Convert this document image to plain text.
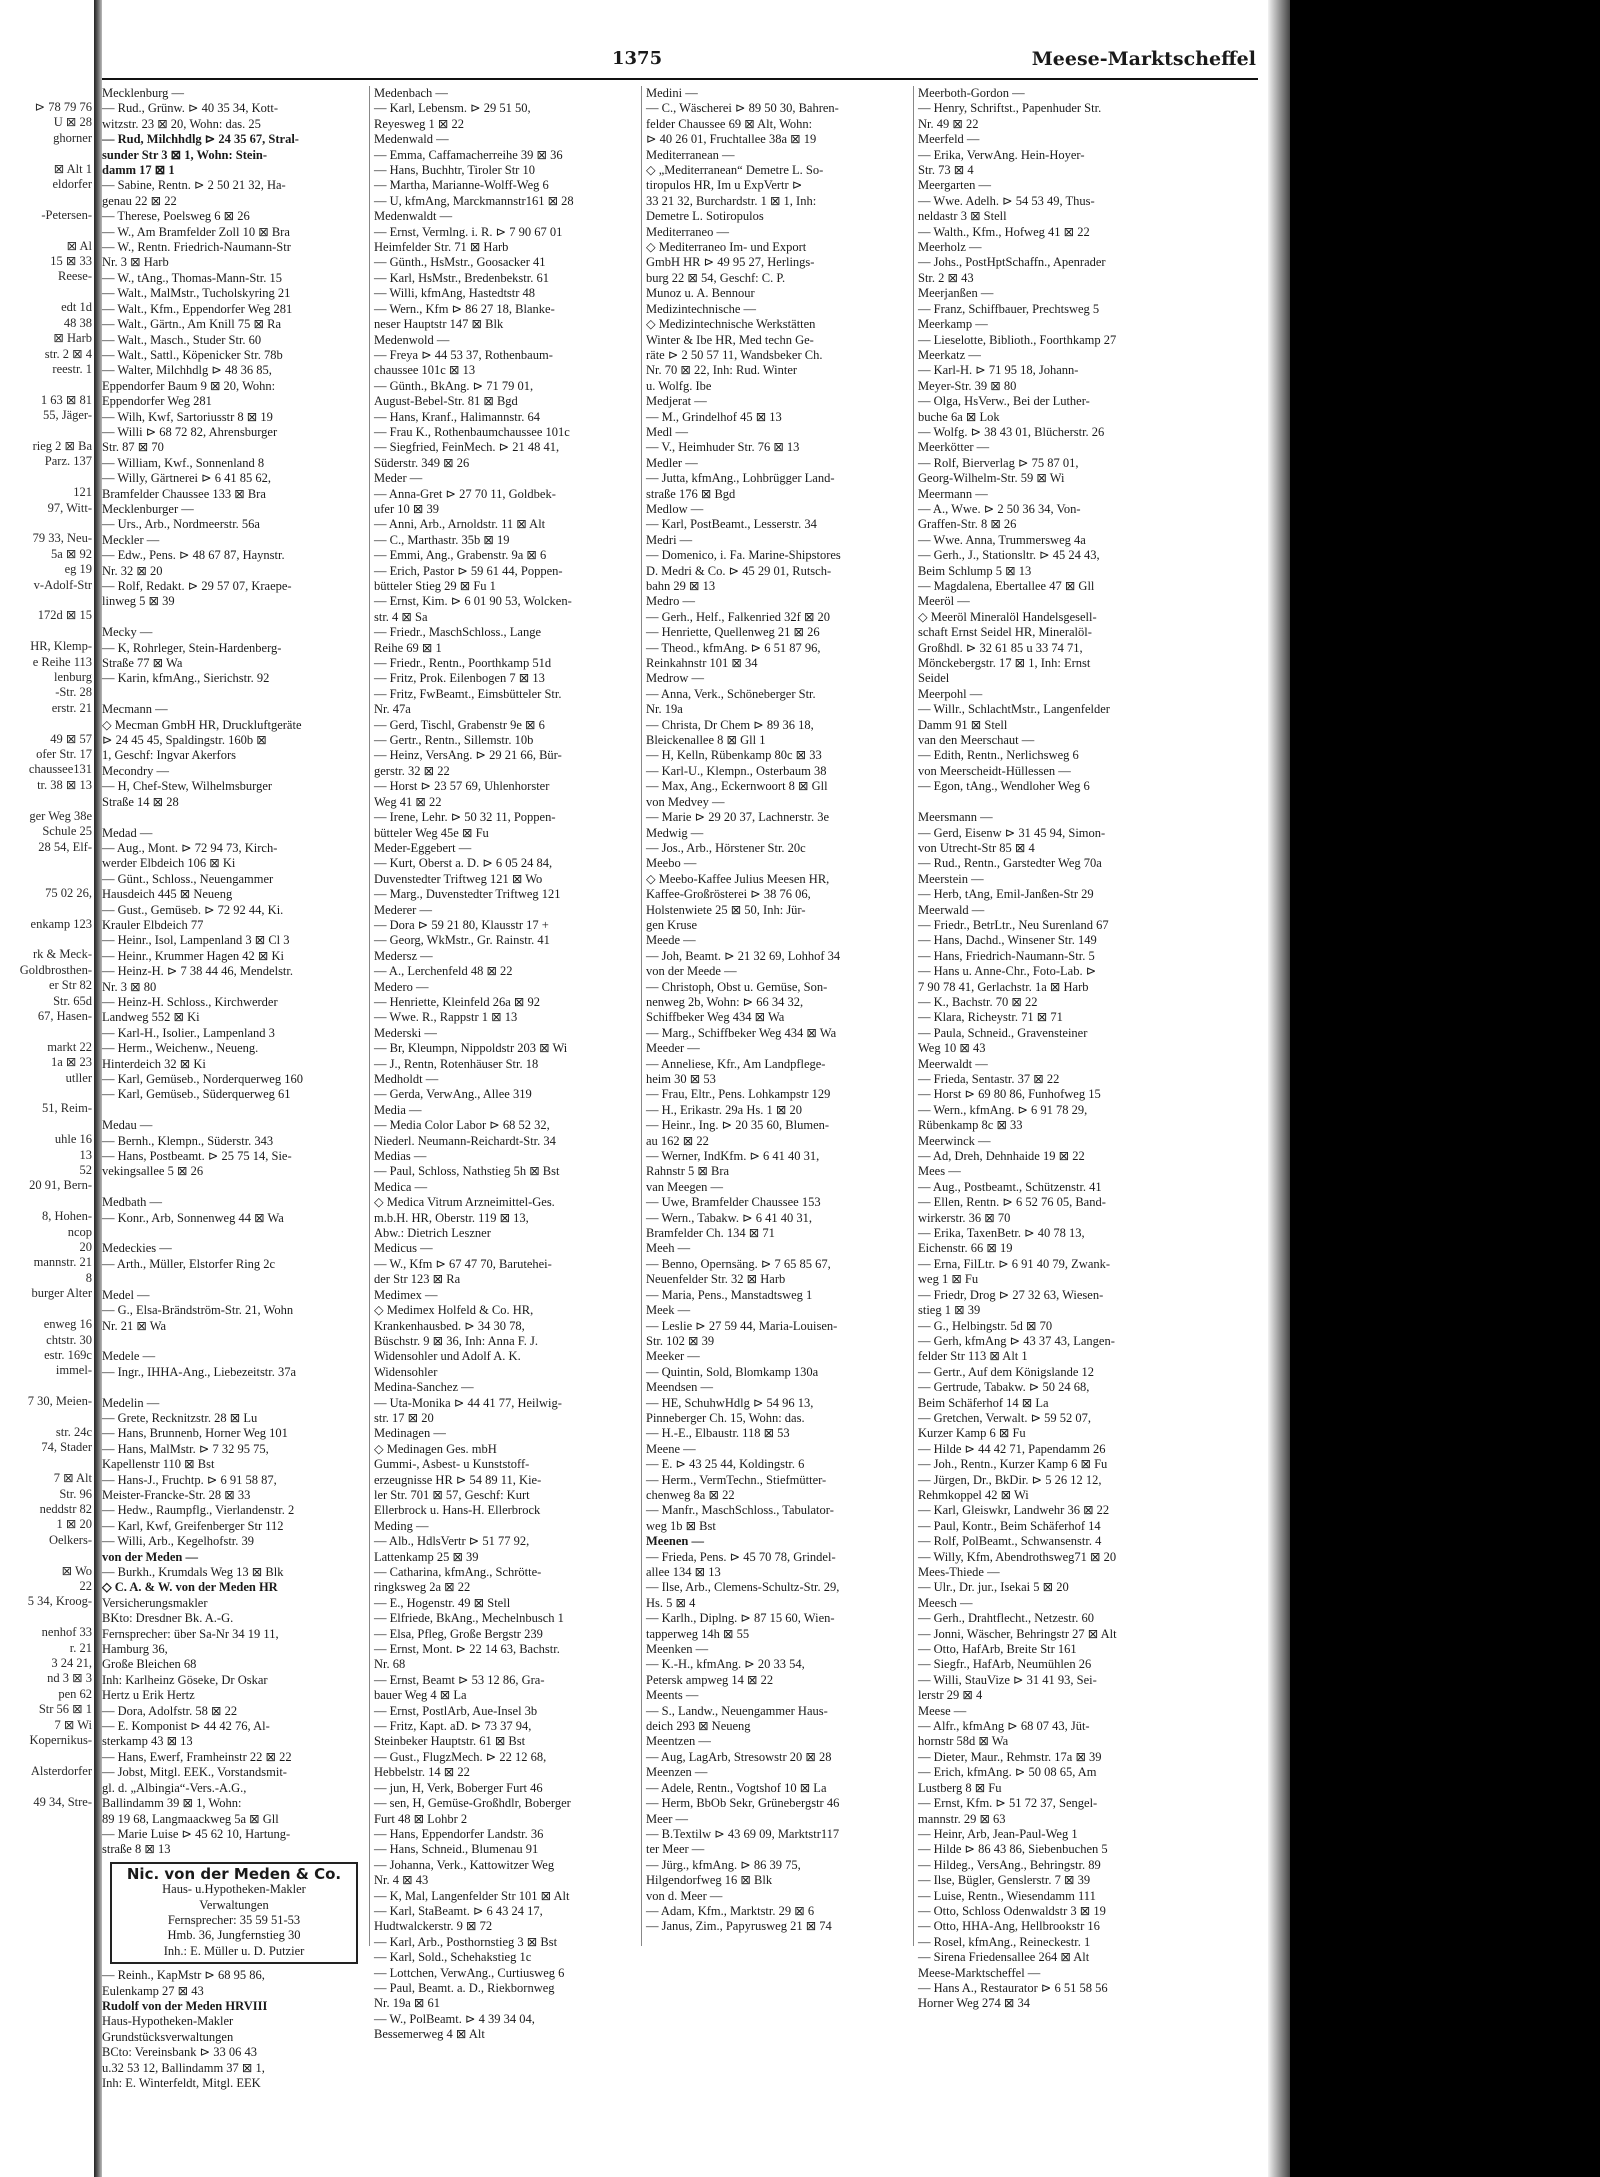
⊳ 78 79 76
U ⊠ 28
ghorner

⊠ Alt 1
eldorfer

-Petersen-

⊠ Al
15 ⊠ 33
Reese-

edt 1d
48 38
⊠ Harb
str. 2 ⊠ 4
reestr. 1

1 63 ⊠ 81
55, Jäger-

rieg 2 ⊠ Ba
Parz. 137

121
97, Witt-

79 33, Neu-
5a ⊠ 92
eg 19
v-Adolf-Str

172d ⊠ 15

HR, Klemp-
e Reihe 113
lenburg
-Str. 28
erstr. 21

49 ⊠ 57
ofer Str. 17
chaussee131
tr. 38 ⊠ 13

ger Weg 38e
Schule 25
28 54, Elf-

75 02 26,

enkamp 123

rk & Meck-
Goldbrosthen-
er Str 82
Str. 65d
67, Hasen-

markt 22
1a ⊠ 23
utller

51, Reim-

uhle 16
13
52
20 91, Bern-

8, Hohen-
ncop
20
mannstr. 21
8
burger Alter

enweg 16
chtstr. 30
estr. 169c
immel-

7 30, Meien-

str. 24c
74, Stader

7 ⊠ Alt
Str. 96
neddstr 82
1 ⊠ 20
Oelkers-

⊠ Wo
22
5 34, Kroog-

nenhof 33
r. 21
3 24 21,
nd 3 ⊠ 3
pen 62
Str 56 ⊠ 1
7 ⊠ Wi
Kopernikus-

Alsterdorfer

49 34, Stre-
1375	Meese-Marktscheffel
Mecklenburg —
— Rud., Grünw. ⊳ 40 35 34, Kott-
witzstr. 23 ⊠ 20, Wohn: das. 25
— Rud, Milchhdlg ⊳ 24 35 67, Stral-
sunder Str 3 ⊠ 1, Wohn: Stein-
damm 17 ⊠ 1
— Sabine, Rentn. ⊳ 2 50 21 32, Ha-
genau 22 ⊠ 22
— Therese, Poelsweg 6 ⊠ 26
— W., Am Bramfelder Zoll 10 ⊠ Bra
— W., Rentn. Friedrich-Naumann-Str
Nr. 3 ⊠ Harb
— W., tAng., Thomas-Mann-Str. 15
— Walt., MalMstr., Tucholskyring 21
— Walt., Kfm., Eppendorfer Weg 281
— Walt., Gärtn., Am Knill 75 ⊠ Ra
— Walt., Masch., Studer Str. 60
— Walt., Sattl., Köpenicker Str. 78b
— Walter, Milchhdlg ⊳ 48 36 85,
Eppendorfer Baum 9 ⊠ 20, Wohn:
Eppendorfer Weg 281
— Wilh, Kwf, Sartoriusstr 8 ⊠ 19
— Willi ⊳ 68 72 82, Ahrensburger
Str. 87 ⊠ 70
— William, Kwf., Sonnenland 8
— Willy, Gärtnerei ⊳ 6 41 85 62,
Bramfelder Chaussee 133 ⊠ Bra
Mecklenburger —
— Urs., Arb., Nordmeerstr. 56a
Meckler —
— Edw., Pens. ⊳ 48 67 87, Haynstr.
Nr. 32 ⊠ 20
— Rolf, Redakt. ⊳ 29 57 07, Kraepe-
linweg 5 ⊠ 39

Mecky —
— K, Rohrleger, Stein-Hardenberg-
Straße 77 ⊠ Wa
— Karin, kfmAng., Sierichstr. 92

Mecmann —
◇ Mecman GmbH HR, Druckluftgeräte
⊳ 24 45 45, Spaldingstr. 160b ⊠
1, Geschf: Ingvar Akerfors
Mecondry —
— H, Chef-Stew, Wilhelmsburger
Straße 14 ⊠ 28

Medad —
— Aug., Mont. ⊳ 72 94 73, Kirch-
werder Elbdeich 106 ⊠ Ki
— Günt., Schloss., Neuengammer
Hausdeich 445 ⊠ Neueng
— Gust., Gemüseb. ⊳ 72 92 44, Ki.
Krauler Elbdeich 77
— Heinr., Isol, Lampenland 3 ⊠ Cl 3
— Heinr., Krummer Hagen 42 ⊠ Ki
— Heinz-H. ⊳ 7 38 44 46, Mendelstr.
Nr. 3 ⊠ 80
— Heinz-H. Schloss., Kirchwerder
Landweg 552 ⊠ Ki
— Karl-H., Isolier., Lampenland 3
— Herm., Weichenw., Neueng.
Hinterdeich 32 ⊠ Ki
— Karl, Gemüseb., Norderquerweg 160
— Karl, Gemüseb., Süderquerweg 61

Medau —
— Bernh., Klempn., Süderstr. 343
— Hans, Postbeamt. ⊳ 25 75 14, Sie-
vekingsallee 5 ⊠ 26

Medbath —
— Konr., Arb, Sonnenweg 44 ⊠ Wa

Medeckies —
— Arth., Müller, Elstorfer Ring 2c

Medel —
— G., Elsa-Brändström-Str. 21, Wohn
Nr. 21 ⊠ Wa

Medele —
— Ingr., IHHA-Ang., Liebezeitstr. 37a

Medelin —
— Grete, Recknitzstr. 28 ⊠ Lu
— Hans, Brunnenb, Horner Weg 101
— Hans, MalMstr. ⊳ 7 32 95 75,
Kapellenstr 110 ⊠ Bst
— Hans-J., Fruchtp. ⊳ 6 91 58 87,
Meister-Francke-Str. 28 ⊠ 33
— Hedw., Raumpflg., Vierlandenstr. 2
— Karl, Kwf, Greifenberger Str 112
— Willi, Arb., Kegelhofstr. 39
von der Meden —
— Burkh., Krumdals Weg 13 ⊠ Blk
◇ C. A. & W. von der Meden HR
Versicherungsmakler
BKto: Dresdner Bk. A.-G.
Fernsprecher: über Sa-Nr 34 19 11,
Hamburg 36,
Große Bleichen 68
Inh: Karlheinz Göseke, Dr Oskar
Hertz u Erik Hertz
— Dora, Adolfstr. 58 ⊠ 22
— E. Komponist ⊳ 44 42 76, Al-
sterkamp 43 ⊠ 13
— Hans, Ewerf, Framheinstr 22 ⊠ 22
— Jobst, Mitgl. EEK., Vorstandsmit-
gl. d. „Albingia“-Vers.-A.G.,
Ballindamm 39 ⊠ 1, Wohn:
89 19 68, Langmaackweg 5a ⊠ Gll
— Marie Luise ⊳ 45 62 10, Hartung-
straße 8 ⊠ 13
Nic. von der Meden & Co.
Haus- u.Hypotheken-Makler
Verwaltungen
Fernsprecher: 35 59 51-53
Hmb. 36, Jungfernstieg 30
Inh.: E. Müller u. D. Putzier
— Reinh., KapMstr ⊳ 68 95 86,
Eulenkamp 27 ⊠ 43
Rudolf von der Meden HRVIII
Haus-Hypotheken-Makler
Grundstücksverwaltungen
BCto: Vereinsbank ⊳ 33 06 43
u.32 53 12, Ballindamm 37 ⊠ 1,
Inh: E. Winterfeldt, Mitgl. EEK
Medenbach —
— Karl, Lebensm. ⊳ 29 51 50,
Reyesweg 1 ⊠ 22
Medenwald —
— Emma, Caffamacherreihe 39 ⊠ 36
— Hans, Buchhtr, Tiroler Str 10
— Martha, Marianne-Wolff-Weg 6
— U, kfmAng, Marckmannstr161 ⊠ 28
Medenwaldt —
— Ernst, Vermlng. i. R. ⊳ 7 90 67 01
Heimfelder Str. 71 ⊠ Harb
— Günth., HsMstr., Goosacker 41
— Karl, HsMstr., Bredenbekstr. 61
— Willi, kfmAng, Hastedtstr 48
— Wern., Kfm ⊳ 86 27 18, Blanke-
neser Hauptstr 147 ⊠ Blk
Medenwold —
— Freya ⊳ 44 53 37, Rothenbaum-
chaussee 101c ⊠ 13
— Günth., BkAng. ⊳ 71 79 01,
August-Bebel-Str. 81 ⊠ Bgd
— Hans, Kranf., Halimannstr. 64
— Frau K., Rothenbaumchaussee 101c
— Siegfried, FeinMech. ⊳ 21 48 41,
Süderstr. 349 ⊠ 26
Meder —
— Anna-Gret ⊳ 27 70 11, Goldbek-
ufer 10 ⊠ 39
— Anni, Arb., Arnoldstr. 11 ⊠ Alt
— C., Marthastr. 35b ⊠ 19
— Emmi, Ang., Grabenstr. 9a ⊠ 6
— Erich, Pastor ⊳ 59 61 44, Poppen-
bütteler Stieg 29 ⊠ Fu 1
— Ernst, Kim. ⊳ 6 01 90 53, Wolcken-
str. 4 ⊠ Sa
— Friedr., MaschSchloss., Lange
Reihe 69 ⊠ 1
— Friedr., Rentn., Poorthkamp 51d
— Fritz, Prok. Eilenbogen 7 ⊠ 13
— Fritz, FwBeamt., Eimsbütteler Str.
Nr. 47a
— Gerd, Tischl, Grabenstr 9e ⊠ 6
— Gertr., Rentn., Sillemstr. 10b
— Heinz, VersAng. ⊳ 29 21 66, Bür-
gerstr. 32 ⊠ 22
— Horst ⊳ 23 57 69, Uhlenhorster
Weg 41 ⊠ 22
— Irene, Lehr. ⊳ 50 32 11, Poppen-
bütteler Weg 45e ⊠ Fu
Meder-Eggebert —
— Kurt, Oberst a. D. ⊳ 6 05 24 84,
Duvenstedter Triftweg 121 ⊠ Wo
— Marg., Duvenstedter Triftweg 121
Mederer —
— Dora ⊳ 59 21 80, Klausstr 17 +
— Georg, WkMstr., Gr. Rainstr. 41
Medersz —
— A., Lerchenfeld 48 ⊠ 22
Medero —
— Henriette, Kleinfeld 26a ⊠ 92
— Wwe. R., Rappstr 1 ⊠ 13
Mederski —
— Br, Kleumpn, Nippoldstr 203 ⊠ Wi
— J., Rentn, Rotenhäuser Str. 18
Medholdt —
— Gerda, VerwAng., Allee 319
Media —
— Media Color Labor ⊳ 68 52 32,
Niederl. Neumann-Reichardt-Str. 34
Medias —
— Paul, Schloss, Nathstieg 5h ⊠ Bst
Medica —
◇ Medica Vitrum Arzneimittel-Ges.
m.b.H. HR, Oberstr. 119 ⊠ 13,
Abw.: Dietrich Leszner
Medicus —
— W., Kfm ⊳ 67 47 70, Barutehei-
der Str 123 ⊠ Ra
Medimex —
◇ Medimex Holfeld & Co. HR,
Krankenhausbed. ⊳ 34 30 78,
Büschstr. 9 ⊠ 36, Inh: Anna F. J.
Widensohler und Adolf A. K.
Widensohler
Medina-Sanchez —
— Uta-Monika ⊳ 44 41 77, Heilwig-
str. 17 ⊠ 20
Medinagen —
◇ Medinagen Ges. mbH
Gummi-, Asbest- u Kunststoff-
erzeugnisse HR ⊳ 54 89 11, Kie-
ler Str. 701 ⊠ 57, Geschf: Kurt
Ellerbrock u. Hans-H. Ellerbrock
Meding —
— Alb., HdlsVertr ⊳ 51 77 92,
Lattenkamp 25 ⊠ 39
— Catharina, kfmAng., Schrötte-
ringksweg 2a ⊠ 22
— E., Hogenstr. 49 ⊠ Stell
— Elfriede, BkAng., Mechelnbusch 1
— Elsa, Pfleg, Große Bergstr 239
— Ernst, Mont. ⊳ 22 14 63, Bachstr.
Nr. 68
— Ernst, Beamt ⊳ 53 12 86, Gra-
bauer Weg 4 ⊠ La
— Ernst, PostlArb, Aue-Insel 3b
— Fritz, Kapt. aD. ⊳ 73 37 94,
Steinbeker Hauptstr. 61 ⊠ Bst
— Gust., FlugzMech. ⊳ 22 12 68,
Hebbelstr. 14 ⊠ 22
— jun, H, Verk, Boberger Furt 46
— sen, H, Gemüse-Großhdlr, Boberger
Furt 48 ⊠ Lohbr 2
— Hans, Eppendorfer Landstr. 36
— Hans, Schneid., Blumenau 91
— Johanna, Verk., Kattowitzer Weg
Nr. 4 ⊠ 43
— K, Mal, Langenfelder Str 101 ⊠ Alt
— Karl, StaBeamt. ⊳ 6 43 24 17,
Hudtwalckerstr. 9 ⊠ 72
— Karl, Arb., Posthornstieg 3 ⊠ Bst
— Karl, Sold., Schehakstieg 1c
— Lottchen, VerwAng., Curtiusweg 6
— Paul, Beamt. a. D., Riekbornweg
Nr. 19a ⊠ 61
— W., PolBeamt. ⊳ 4 39 34 04,
Bessemerweg 4 ⊠ Alt
Medini —
— C., Wäscherei ⊳ 89 50 30, Bahren-
felder Chaussee 69 ⊠ Alt, Wohn:
⊳ 40 26 01, Fruchtallee 38a ⊠ 19
Mediterranean —
◇ „Mediterranean“ Demetre L. So-
tiropulos HR, Im u ExpVertr ⊳
33 21 32, Burchardstr. 1 ⊠ 1, Inh:
Demetre L. Sotiropulos
Mediterraneo —
◇ Mediterraneo Im- und Export
GmbH HR ⊳ 49 95 27, Herlings-
burg 22 ⊠ 54, Geschf: C. P.
Munoz u. A. Bennour
Medizintechnische —
◇ Medizintechnische Werkstätten
Winter & Ibe HR, Med techn Ge-
räte ⊳ 2 50 57 11, Wandsbeker Ch.
Nr. 70 ⊠ 22, Inh: Rud. Winter
u. Wolfg. Ibe
Medjerat —
— M., Grindelhof 45 ⊠ 13
Medl —
— V., Heimhuder Str. 76 ⊠ 13
Medler —
— Jutta, kfmAng., Lohbrügger Land-
straße 176 ⊠ Bgd
Medlow —
— Karl, PostBeamt., Lesserstr. 34
Medri —
— Domenico, i. Fa. Marine-Shipstores
D. Medri & Co. ⊳ 45 29 01, Rutsch-
bahn 29 ⊠ 13
Medro —
— Gerh., Helf., Falkenried 32f ⊠ 20
— Henriette, Quellenweg 21 ⊠ 26
— Theod., kfmAng. ⊳ 6 51 87 96,
Reinkahnstr 101 ⊠ 34
Medrow —
— Anna, Verk., Schöneberger Str.
Nr. 19a
— Christa, Dr Chem ⊳ 89 36 18,
Bleickenallee 8 ⊠ Gll 1
— H, Kelln, Rübenkamp 80c ⊠ 33
— Karl-U., Klempn., Osterbaum 38
— Max, Ang., Eckernwoort 8 ⊠ Gll
von Medvey —
— Marie ⊳ 29 20 37, Lachnerstr. 3e
Medwig —
— Jos., Arb., Hörstener Str. 20c
Meebo —
◇ Meebo-Kaffee Julius Meesen HR,
Kaffee-Großrösterei ⊳ 38 76 06,
Holstenwiete 25 ⊠ 50, Inh: Jür-
gen Kruse
Meede —
— Joh, Beamt. ⊳ 21 32 69, Lohhof 34
von der Meede —
— Christoph, Obst u. Gemüse, Son-
nenweg 2b, Wohn: ⊳ 66 34 32,
Schiffbeker Weg 434 ⊠ Wa
— Marg., Schiffbeker Weg 434 ⊠ Wa
Meeder —
— Anneliese, Kfr., Am Landpflege-
heim 30 ⊠ 53
— Frau, Eltr., Pens. Lohkampstr 129
— H., Erikastr. 29a Hs. 1 ⊠ 20
— Heinr., Ing. ⊳ 20 35 60, Blumen-
au 162 ⊠ 22
— Werner, IndKfm. ⊳ 6 41 40 31,
Rahnstr 5 ⊠ Bra
van Meegen —
— Uwe, Bramfelder Chaussee 153
— Wern., Tabakw. ⊳ 6 41 40 31,
Bramfelder Ch. 134 ⊠ 71
Meeh —
— Benno, Opernsäng. ⊳ 7 65 85 67,
Neuenfelder Str. 32 ⊠ Harb
— Maria, Pens., Manstadtsweg 1
Meek —
— Leslie ⊳ 27 59 44, Maria-Louisen-
Str. 102 ⊠ 39
Meeker —
— Quintin, Sold, Blomkamp 130a
Meendsen —
— HE, SchuhwHdlg ⊳ 54 96 13,
Pinneberger Ch. 15, Wohn: das.
— H.-E., Elbaustr. 118 ⊠ 53
Meene —
— E. ⊳ 43 25 44, Koldingstr. 6
— Herm., VermTechn., Stiefmütter-
chenweg 8a ⊠ 22
— Manfr., MaschSchloss., Tabulator-
weg 1b ⊠ Bst
Meenen —
— Frieda, Pens. ⊳ 45 70 78, Grindel-
allee 134 ⊠ 13
— Ilse, Arb., Clemens-Schultz-Str. 29,
Hs. 5 ⊠ 4
— Karlh., Diplng. ⊳ 87 15 60, Wien-
tapperweg 14h ⊠ 55
Meenken —
— K.-H., kfmAng. ⊳ 20 33 54,
Petersk ampweg 14 ⊠ 22
Meents —
— S., Landw., Neuengammer Haus-
deich 293 ⊠ Neueng
Meentzen —
— Aug, LagArb, Stresowstr 20 ⊠ 28
Meenzen —
— Adele, Rentn., Vogtshof 10 ⊠ La
— Herm, BbOb Sekr, Grünebergstr 46
Meer —
— B.Textilw ⊳ 43 69 09, Marktstr117
ter Meer —
— Jürg., kfmAng. ⊳ 86 39 75,
Hilgendorfweg 16 ⊠ Blk
von d. Meer —
— Adam, Kfm., Marktstr. 29 ⊠ 6
— Janus, Zim., Papyrusweg 21 ⊠ 74
Meerboth-Gordon —
— Henry, Schriftst., Papenhuder Str.
Nr. 49 ⊠ 22
Meerfeld —
— Erika, VerwAng. Hein-Hoyer-
Str. 73 ⊠ 4
Meergarten —
— Wwe. Adelh. ⊳ 54 53 49, Thus-
neldastr 3 ⊠ Stell
— Walth., Kfm., Hofweg 41 ⊠ 22
Meerholz —
— Johs., PostHptSchaffn., Apenrader
Str. 2 ⊠ 43
Meerjanßen —
— Franz, Schiffbauer, Prechtsweg 5
Meerkamp —
— Lieselotte, Biblioth., Foorthkamp 27
Meerkatz —
— Karl-H. ⊳ 71 95 18, Johann-
Meyer-Str. 39 ⊠ 80
— Olga, HsVerw., Bei der Luther-
buche 6a ⊠ Lok
— Wolfg. ⊳ 38 43 01, Blücherstr. 26
Meerkötter —
— Rolf, Bierverlag ⊳ 75 87 01,
Georg-Wilhelm-Str. 59 ⊠ Wi
Meermann —
— A., Wwe. ⊳ 2 50 36 34, Von-
Graffen-Str. 8 ⊠ 26
— Wwe. Anna, Trummersweg 4a
— Gerh., J., Stationsltr. ⊳ 45 24 43,
Beim Schlump 5 ⊠ 13
— Magdalena, Ebertallee 47 ⊠ Gll
Meeröl —
◇ Meeröl Mineralöl Handelsgesell-
schaft Ernst Seidel HR, Mineralöl-
Großhdl. ⊳ 32 61 85 u 33 74 71,
Mönckebergstr. 17 ⊠ 1, Inh: Ernst
Seidel
Meerpohl —
— Willr., SchlachtMstr., Langenfelder
Damm 91 ⊠ Stell
van den Meerschaut —
— Edith, Rentn., Nerlichsweg 6
von Meerscheidt-Hüllessen —
— Egon, tAng., Wendloher Weg 6

Meersmann —
— Gerd, Eisenw ⊳ 31 45 94, Simon-
von Utrecht-Str 85 ⊠ 4
— Rud., Rentn., Garstedter Weg 70a
Meerstein —
— Herb, tAng, Emil-Janßen-Str 29
Meerwald —
— Friedr., BetrLtr., Neu Surenland 67
— Hans, Dachd., Winsener Str. 149
— Hans, Friedrich-Naumann-Str. 5
— Hans u. Anne-Chr., Foto-Lab. ⊳
7 90 78 41, Gerlachstr. 1a ⊠ Harb
— K., Bachstr. 70 ⊠ 22
— Klara, Richeystr. 71 ⊠ 71
— Paula, Schneid., Gravensteiner
Weg 10 ⊠ 43
Meerwaldt —
— Frieda, Sentastr. 37 ⊠ 22
— Horst ⊳ 69 80 86, Funhofweg 15
— Wern., kfmAng. ⊳ 6 91 78 29,
Rübenkamp 8c ⊠ 33
Meerwinck —
— Ad, Dreh, Dehnhaide 19 ⊠ 22
Mees —
— Aug., Postbeamt., Schützenstr. 41
— Ellen, Rentn. ⊳ 6 52 76 05, Band-
wirkerstr. 36 ⊠ 70
— Erika, TaxenBetr. ⊳ 40 78 13,
Eichenstr. 66 ⊠ 19
— Erna, FilLtr. ⊳ 6 91 40 79, Zwank-
weg 1 ⊠ Fu
— Friedr, Drog ⊳ 27 32 63, Wiesen-
stieg 1 ⊠ 39
— G., Helbingstr. 5d ⊠ 70
— Gerh, kfmAng ⊳ 43 37 43, Langen-
felder Str 113 ⊠ Alt 1
— Gertr., Auf dem Königslande 12
— Gertrude, Tabakw. ⊳ 50 24 68,
Beim Schäferhof 14 ⊠ La
— Gretchen, Verwalt. ⊳ 59 52 07,
Kurzer Kamp 6 ⊠ Fu
— Hilde ⊳ 44 42 71, Papendamm 26
— Joh., Rentn., Kurzer Kamp 6 ⊠ Fu
— Jürgen, Dr., BkDir. ⊳ 5 26 12 12,
Rehmkoppel 42 ⊠ Wi
— Karl, Gleiswkr, Landwehr 36 ⊠ 22
— Paul, Kontr., Beim Schäferhof 14
— Rolf, PolBeamt., Schwansenstr. 4
— Willy, Kfm, Abendrothsweg71 ⊠ 20
Mees-Thiede —
— Ulr., Dr. jur., Isekai 5 ⊠ 20
Meesch —
— Gerh., Drahtflecht., Netzestr. 60
— Jonni, Wäscher, Behringstr 27 ⊠ Alt
— Otto, HafArb, Breite Str 161
— Siegfr., HafArb, Neumühlen 26
— Willi, StauVize ⊳ 31 41 93, Sei-
lerstr 29 ⊠ 4
Meese —
— Alfr., kfmAng ⊳ 68 07 43, Jüt-
hornstr 58d ⊠ Wa
— Dieter, Maur., Rehmstr. 17a ⊠ 39
— Erich, kfmAng. ⊳ 50 08 65, Am
Lustberg 8 ⊠ Fu
— Ernst, Kfm. ⊳ 51 72 37, Sengel-
mannstr. 29 ⊠ 63
— Heinr, Arb, Jean-Paul-Weg 1
— Hilde ⊳ 86 43 86, Siebenbuchen 5
— Hildeg., VersAng., Behringstr. 89
— Ilse, Bügler, Genslerstr. 7 ⊠ 39
— Luise, Rentn., Wiesendamm 111
— Otto, Schloss Odenwaldstr 3 ⊠ 19
— Otto, HHA-Ang, Hellbrookstr 16
— Rosel, kfmAng., Reineckestr. 1
— Sirena Friedensallee 264 ⊠ Alt
Meese-Marktscheffel —
— Hans A., Restaurator ⊳ 6 51 58 56
Horner Weg 274 ⊠ 34
